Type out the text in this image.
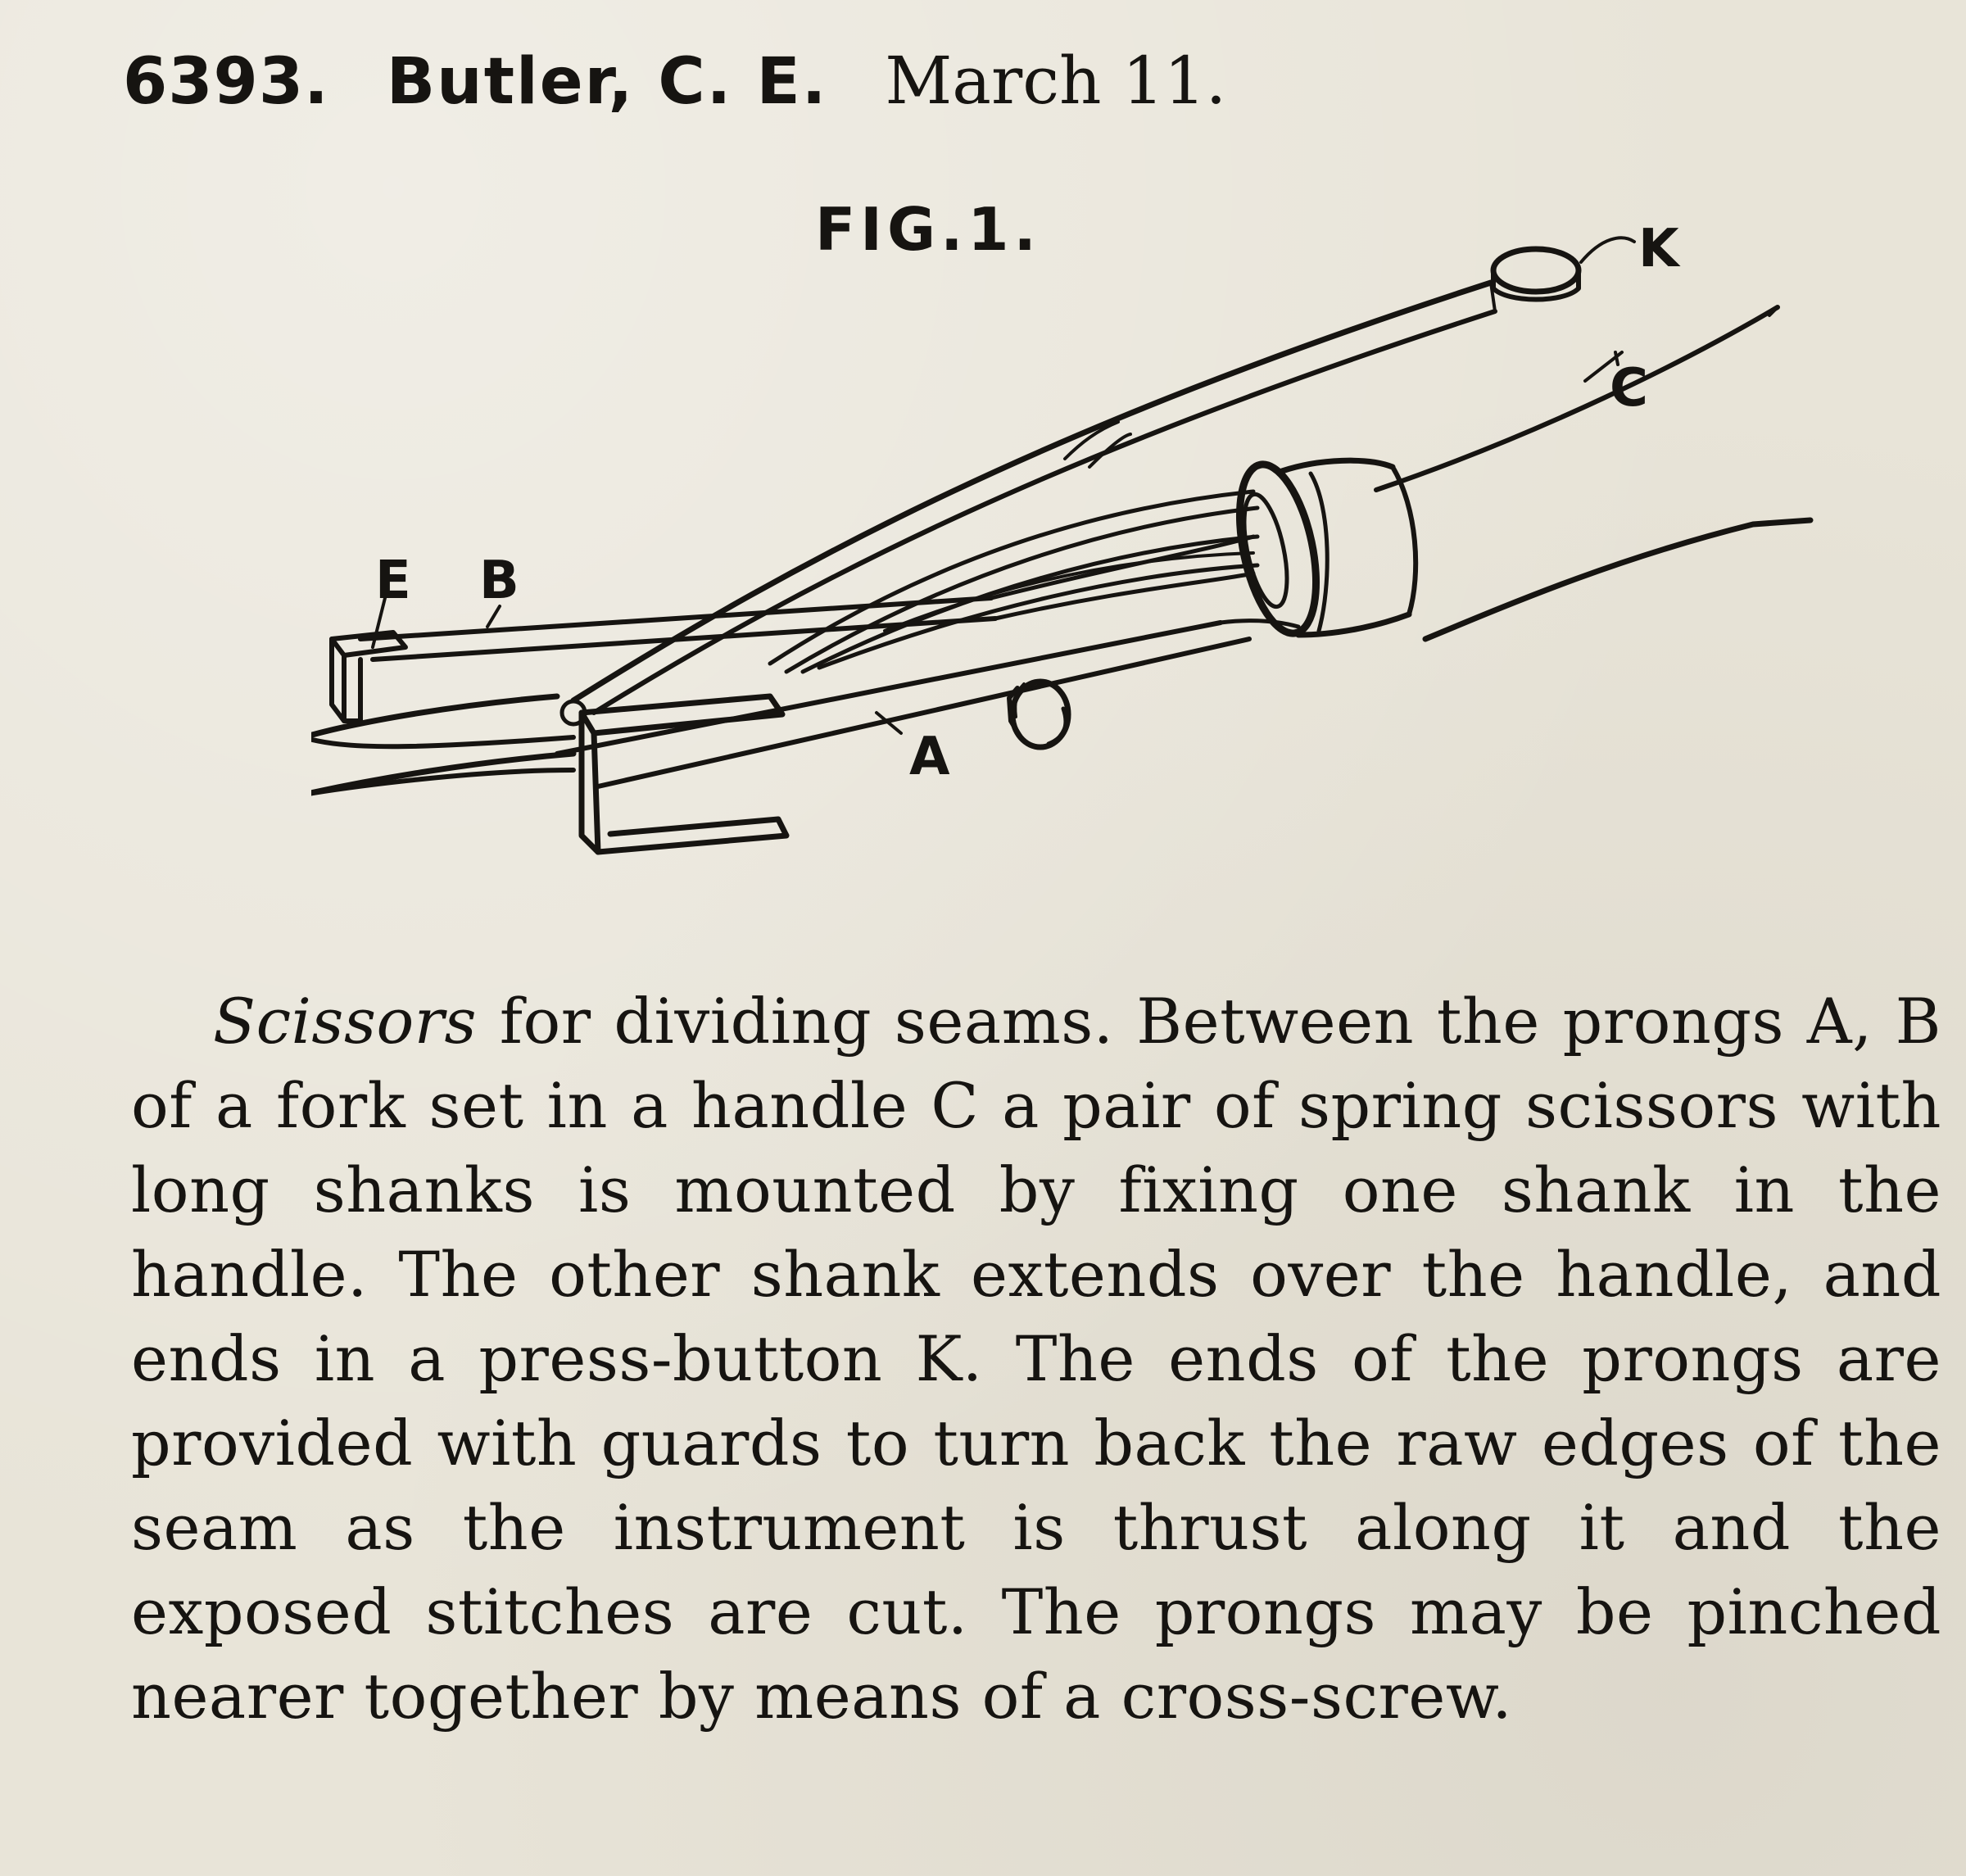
6393. Butler, C. E. March 11.
FIG.1.	K
E B
C
A
Scissors for dividing seams. Between the prongs A, B of a fork set in a handle C a pair of spring scissors with long shanks is mounted by fixing one shank in the handle. The other shank extends over the handle, and ends in a press-button K. The ends of the prongs are provided with guards to turn back the raw edges of the seam as the instrument is thrust along it and the exposed stitches are cut. The prongs may be pinched nearer together by means of a cross-screw.
